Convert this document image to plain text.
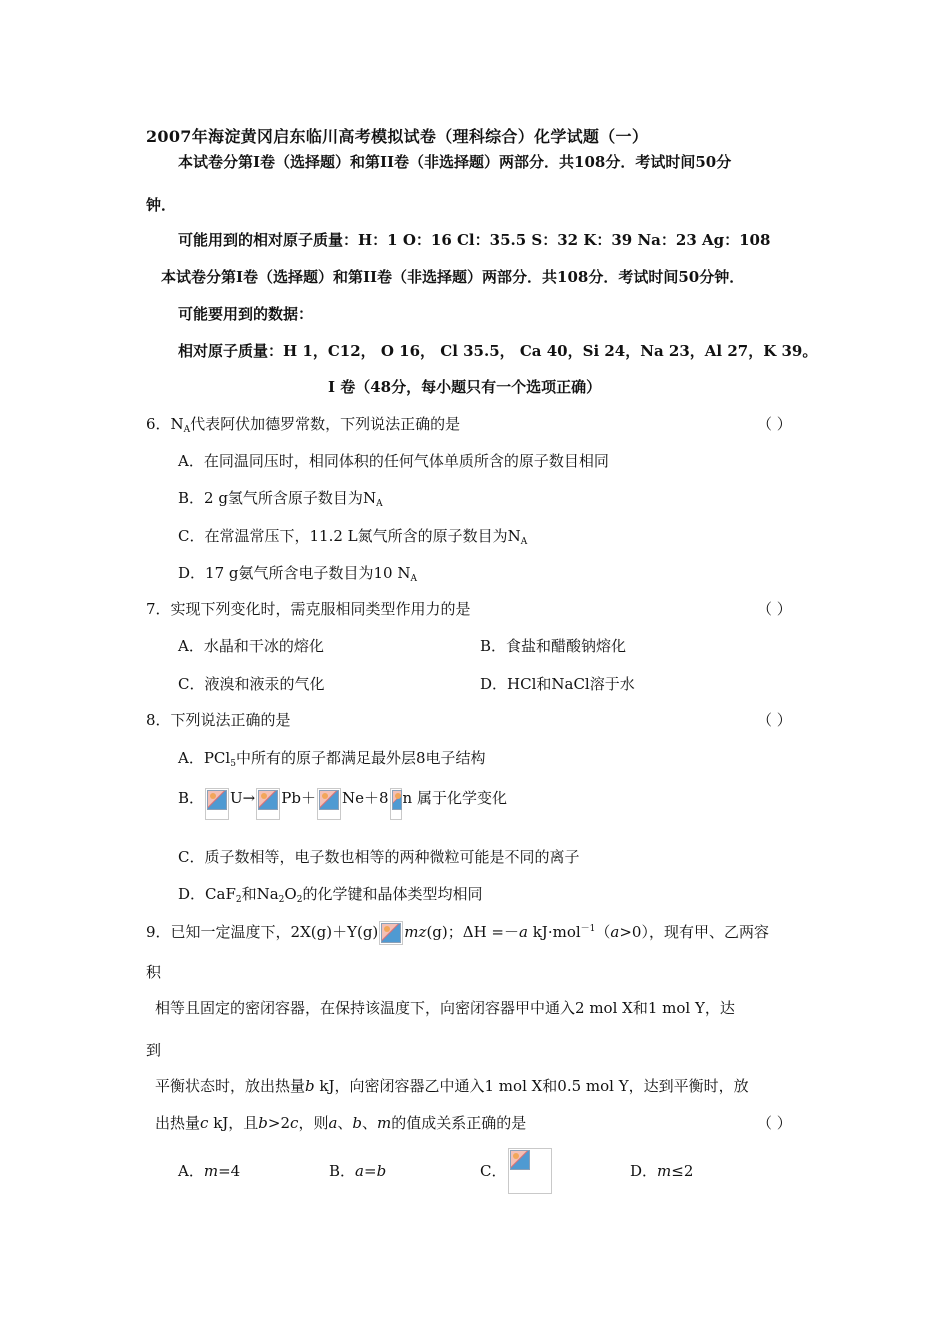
2007年海淀黄冈启东临川高考模拟试卷（理科综合）化学试题（一）
本试卷分第Ⅰ卷（选择题）和第II卷（非选择题）两部分．共108分．考试时间50分
钟．
可能用到的相对原子质量：H：1 O：16 Cl：35.5 S：32 K：39 Na：23 Ag：108
本试卷分第Ⅰ卷（选择题）和第II卷（非选择题）两部分．共108分．考试时间50分钟．
可能要用到的数据：
相对原子质量：H 1，C12， O 16， Cl 35.5， Ca 40，Si 24，Na 23，Al 27，K 39。
Ⅰ 卷（48分，每小题只有一个选项正确）
6．$N_A$代表阿伏加德罗常数，下列说法正确的是	（ ）
A．在同温同压时，相同体积的任何气体单质所含的原子数目相同
B．2 g氢气所含原子数目为$N_A$
C．在常温常压下，11.2 L氮气所含的原子数目为$N_A$
D．17 g氨气所含电子数目为10 $N_A$
7．实现下列变化时，需克服相同类型作用力的是	（ ）
A．水晶和干冰的熔化	B．食盐和醋酸钠熔化
C．液溴和液汞的气化	D．HCl和NaCl溶于水
8．下列说法正确的是	（ ）
A．PCl$_5$中所有的原子都满足最外层8电子结构
B． U→ Pb＋ Ne＋8 n 属于化学变化
C．质子数相等，电子数也相等的两种微粒可能是不同的离子
D．CaF$_2$和$Na_2O_2$的化学键和晶体类型均相同
9．已知一定温度下，2X(g)＋Y(g) mz(g)；ΔH =－a kJ·mol$^{-1}$（a>0），现有甲、乙两容
积
相等且固定的密闭容器，在保持该温度下，向密闭容器甲中通入2 mol X和1 mol Y，达
到
平衡状态时，放出热量b kJ，向密闭容器乙中通入1 mol X和0.5 mol Y，达到平衡时，放
出热量c kJ，且b>2c，则a、b、m的值成关系正确的是	（ ）
A．m=4	B．a=b	C．	D．m≤2
